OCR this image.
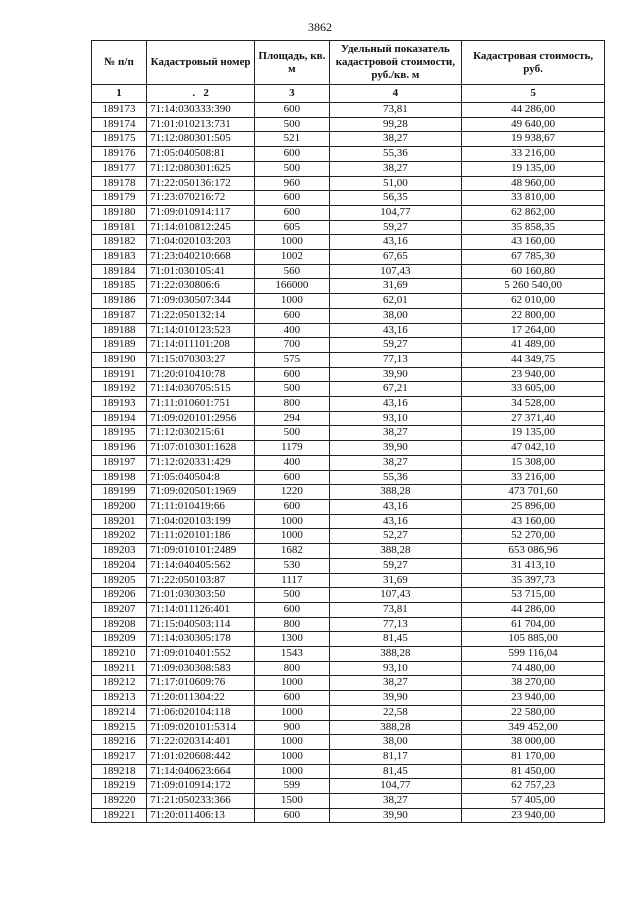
3862
№ п/п	Кадастровый номер	Площадь, кв. м	Удельный показатель кадастровой стоимости, руб./кв. м	Кадастровая стоимость, руб.
1	.   2	3	4	5
189173	71:14:030333:390	600	73,81	44 286,00
189174	71:01:010213:731	500	99,28	49 640,00
189175	71:12:080301:505	521	38,27	19 938,67
189176	71:05:040508:81	600	55,36	33 216,00
189177	71:12:080301:625	500	38,27	19 135,00
189178	71:22:050136:172	960	51,00	48 960,00
189179	71:23:070216:72	600	56,35	33 810,00
189180	71:09:010914:117	600	104,77	62 862,00
189181	71:14:010812:245	605	59,27	35 858,35
189182	71:04:020103:203	1000	43,16	43 160,00
189183	71:23:040210:668	1002	67,65	67 785,30
189184	71:01:030105:41	560	107,43	60 160,80
189185	71:22:030806:6	166000	31,69	5 260 540,00
189186	71:09:030507:344	1000	62,01	62 010,00
189187	71:22:050132:14	600	38,00	22 800,00
189188	71:14:010123:523	400	43,16	17 264,00
189189	71:14:011101:208	700	59,27	41 489,00
189190	71:15:070303:27	575	77,13	44 349,75
189191	71:20:010410:78	600	39,90	23 940,00
189192	71:14:030705:515	500	67,21	33 605,00
189193	71:11:010601:751	800	43,16	34 528,00
189194	71:09:020101:2956	294	93,10	27 371,40
189195	71:12:030215:61	500	38,27	19 135,00
189196	71:07:010301:1628	1179	39,90	47 042,10
189197	71:12:020331:429	400	38,27	15 308,00
189198	71:05:040504:8	600	55,36	33 216,00
189199	71:09:020501:1969	1220	388,28	473 701,60
189200	71:11:010419:66	600	43,16	25 896,00
189201	71:04:020103:199	1000	43,16	43 160,00
189202	71:11:020101:186	1000	52,27	52 270,00
189203	71:09:010101:2489	1682	388,28	653 086,96
189204	71:14:040405:562	530	59,27	31 413,10
189205	71:22:050103:87	1117	31,69	35 397,73
189206	71:01:030303:50	500	107,43	53 715,00
189207	71:14:011126:401	600	73,81	44 286,00
189208	71:15:040503:114	800	77,13	61 704,00
189209	71:14:030305:178	1300	81,45	105 885,00
189210	71:09:010401:552	1543	388,28	599 116,04
189211	71:09:030308:583	800	93,10	74 480,00
189212	71:17:010609:76	1000	38,27	38 270,00
189213	71:20:011304:22	600	39,90	23 940,00
189214	71:06:020104:118	1000	22,58	22 580,00
189215	71:09:020101:5314	900	388,28	349 452,00
189216	71:22:020314:401	1000	38,00	38 000,00
189217	71:01:020608:442	1000	81,17	81 170,00
189218	71:14:040623:664	1000	81,45	81 450,00
189219	71:09:010914:172	599	104,77	62 757,23
189220	71:21:050233:366	1500	38,27	57 405,00
189221	71:20:011406:13	600	39,90	23 940,00
